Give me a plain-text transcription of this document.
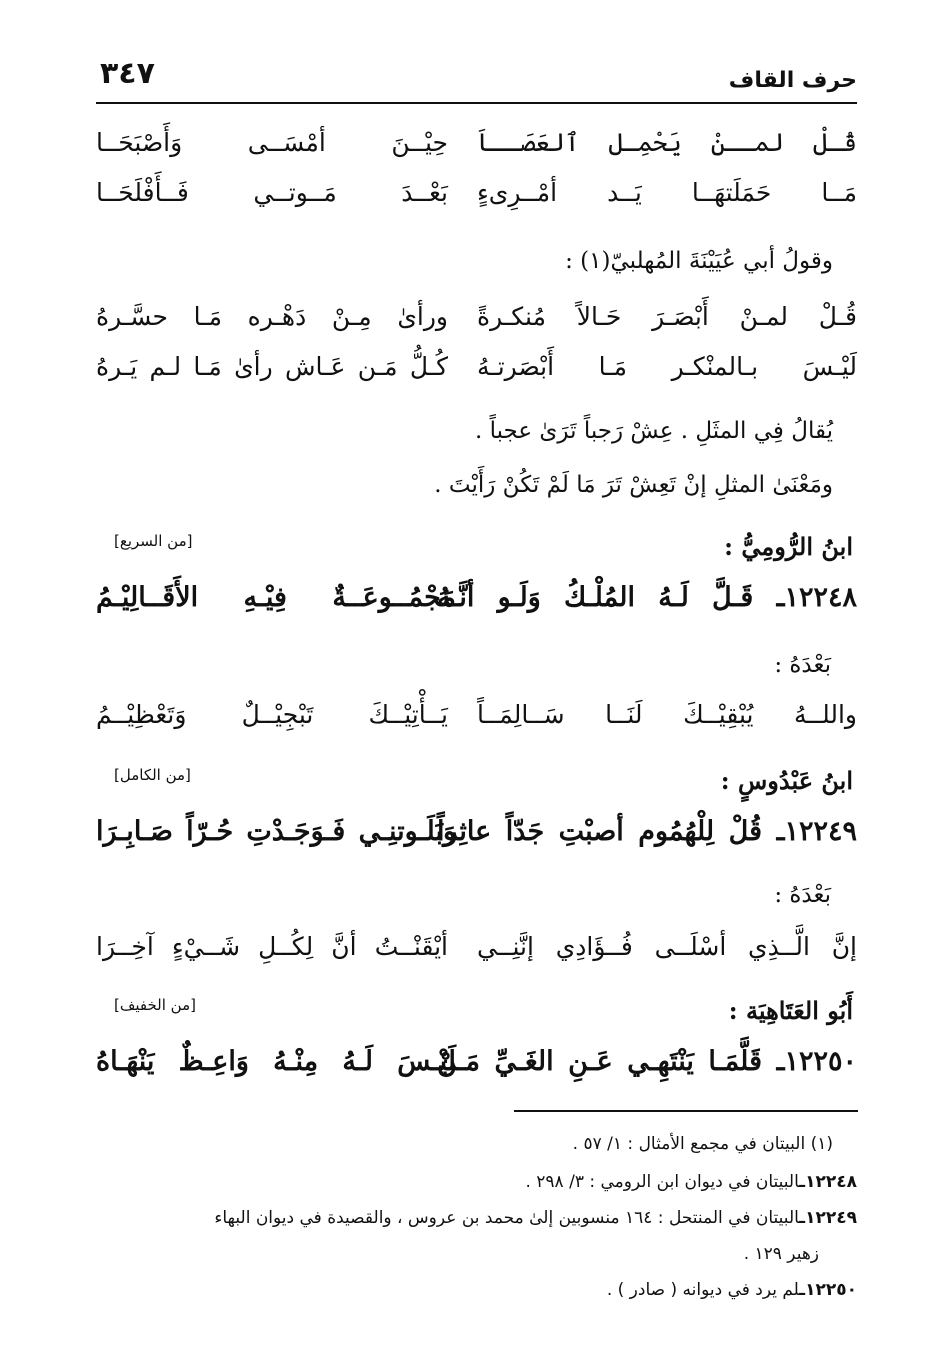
حرف القاف
٣٤٧
قُـلْ لمــنْ يَحْمِـل ٱلعَصَــاَ
حِيْــنَ أمْسَــى وَأَصْبَحَــا
مَــا حَمَلَتهَــا يَــد أمْــرِىءٍ
بَعْــدَ مَــوتــي فَــأَفْلَحَــا
وقولُ أبي عُيَيْنَةَ المُهلبيّ(١) :
قُـلْ لمـنْ أَبْصَـرَ حَـالاً مُنكـرةً
ورأىٰ مِـنْ دَهْـره مَـا حسَّـرهُ
لَيْـسَ بـالمنْكـر مَـا أَبْصَرتـهُ
كُـلُّ مَـن عَـاش رأىٰ مَـا لـم يَـرهُ
يُقالُ فِي المثَلِ . عِشْ رَجباً تَرَىٰ عجباً .
ومَعْنَىٰ المثلِ إنْ تَعِشْ تَرَ مَا لَمْ تَكُنْ رَأَيْتَ .
ابنُ الرُّومِيُّ :
[من السريع]
١٢٢٤٨ـ قَـلَّ لَـهُ المُلْـكُ وَلَـو أنَّـهُ
مَجْمُــوعَــةٌ فِيْـهِ الأَقَــالِيْـمُ
بَعْدَهُ :
واللــهُ يُبْقِيْــكَ لَنَــا سَــالِمَــاً
يَــأْتِيْــكَ تَبْجِيْــلٌ وَتَعْظِيْــمُ
ابنُ عَبْدُوسٍ :
[من الكامل]
١٢٢٤٩ـ قُلْ لِلْهُمُوم أصبْتِ جَدّاً عاثِراً
وَبَلَـوتنِـي فَـوَجَـدْتِ حُـرّاً صَـابِـرَا
بَعْدَهُ :
إنَّ الَّــذِي أسْلَــى فُــؤَادِي إنَّنِــي
أيْقَنْــتُ أنَّ لِكُــلِ شَــيْءٍ آخِــرَا
أَبُو العَتَاهِيَة :
[من الخفيف]
١٢٢٥٠ـ قَلَّمَـا يَنْتَهِـي عَـنِ الغَـيِّ مَـنْ
لَيْـسَ لَـهُ مِنْـهُ وَاعِـظٌ يَنْهَـاهُ
(١) البيتان في مجمع الأمثال : ١/ ٥٧ .
١٢٢٤٨ـالبيتان في ديوان ابن الرومي : ٣/ ٢٩٨ .
١٢٢٤٩ـالبيتان في المنتحل : ١٦٤ منسوبين إلىٰ محمد بن عروس ، والقصيدة في ديوان البهاء
زهير ١٢٩ .
١٢٢٥٠ـلم يرد في ديوانه ( صادر ) .
